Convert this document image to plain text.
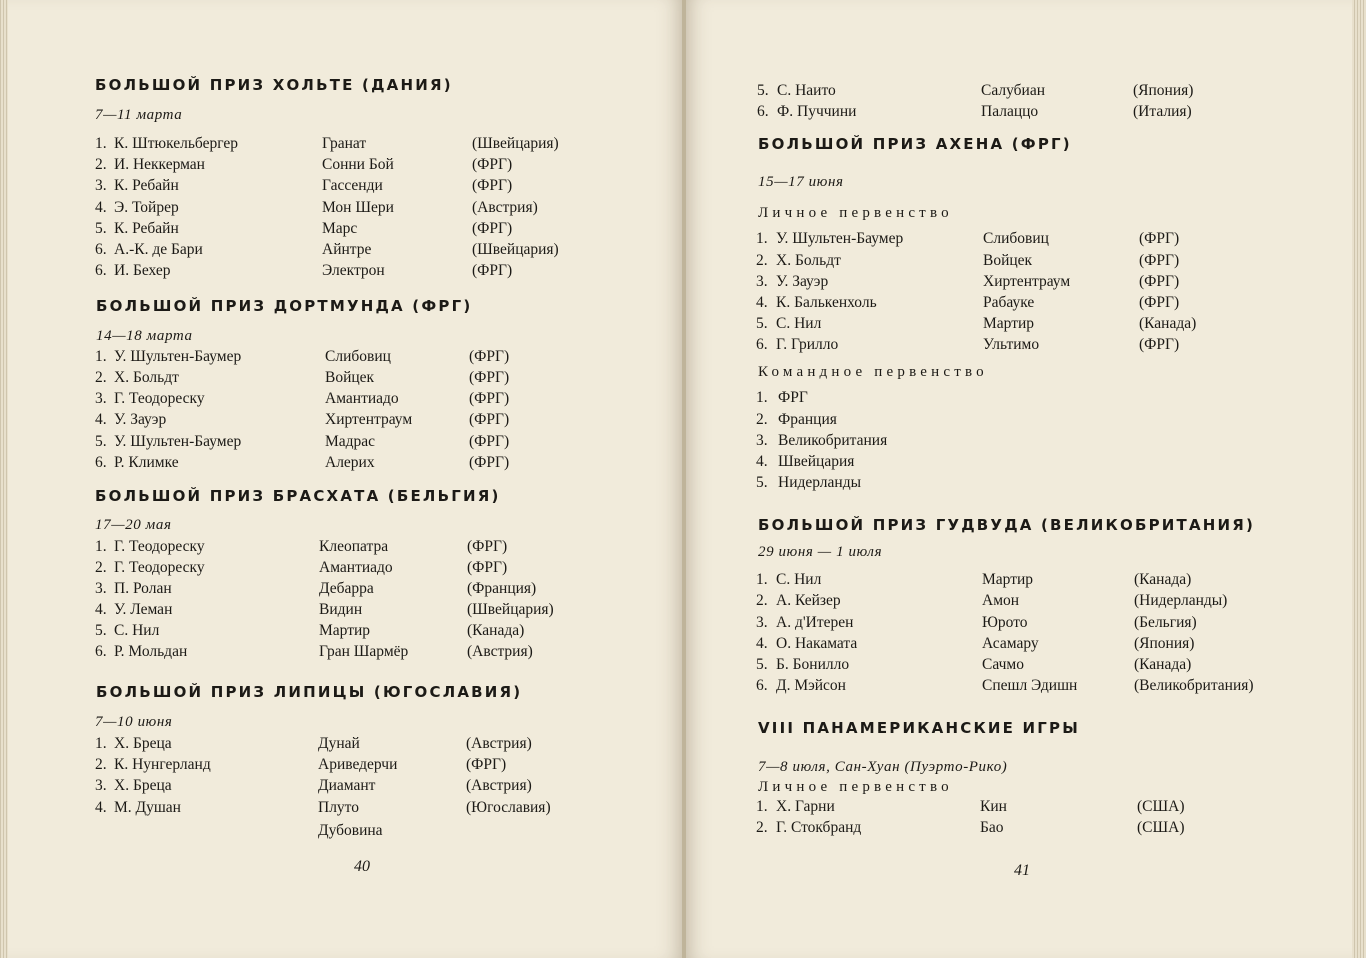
БОЛЬШОЙ ПРИЗ ХОЛЬТЕ (ДАНИЯ)
7—11 марта
1. К. Штюкельбергер	Гранат	(Швейцария)
2. И. Неккерман	Сонни Бой	(ФРГ)
3. К. Ребайн	Гассенди	(ФРГ)
4. Э. Тойрер	Мон Шери	(Австрия)
5. К. Ребайн	Марс	(ФРГ)
6. А.-К. де Бари	Айнтре	(Швейцария)
6. И. Бехер	Электрон	(ФРГ)
БОЛЬШОЙ ПРИЗ ДОРТМУНДА (ФРГ)
14—18 марта
1. У. Шультен-Баумер	Слибовиц	(ФРГ)
2. Х. Больдт	Войцек	(ФРГ)
3. Г. Теодореску	Амантиадо	(ФРГ)
4. У. Зауэр	Хиртентраум	(ФРГ)
5. У. Шультен-Баумер	Мадрас	(ФРГ)
6. Р. Климке	Алерих	(ФРГ)
БОЛЬШОЙ ПРИЗ БРАСХАТА (БЕЛЬГИЯ)
17—20 мая
1. Г. Теодореску	Клеопатра	(ФРГ)
2. Г. Теодореску	Амантиадо	(ФРГ)
3. П. Ролан	Дебарра	(Франция)
4. У. Леман	Видин	(Швейцария)
5. С. Нил	Мартир	(Канада)
6. Р. Мольдан	Гран Шармёр	(Австрия)
БОЛЬШОЙ ПРИЗ ЛИПИЦЫ (ЮГОСЛАВИЯ)
7—10 июня
1. Х. Бреца	Дунай	(Австрия)
2. К. Нунгерланд	Ариведерчи	(ФРГ)
3. Х. Бреца	Диамант	(Австрия)
4. М. Душан	Плуто	(Югославия)
Дубовина
40
5. С. Наито	Салубиан	(Япония)
6. Ф. Пуччини	Палаццо	(Италия)
БОЛЬШОЙ ПРИЗ АХЕНА (ФРГ)
15—17 июня
Личное первенство
1. У. Шультен-Баумер	Слибовиц	(ФРГ)
2. Х. Больдт	Войцек	(ФРГ)
3. У. Зауэр	Хиртентраум	(ФРГ)
4. К. Балькенхоль	Рабауке	(ФРГ)
5. С. Нил	Мартир	(Канада)
6. Г. Грилло	Ультимо	(ФРГ)
Командное первенство
1. ФРГ
2. Франция
3. Великобритания
4. Швейцария
5. Нидерланды
БОЛЬШОЙ ПРИЗ ГУДВУДА (ВЕЛИКОБРИТАНИЯ)
29 июня — 1 июля
1. С. Нил	Мартир	(Канада)
2. А. Кейзер	Амон	(Нидерланды)
3. А. д'Итерен	Юрото	(Бельгия)
4. О. Накамата	Асамару	(Япония)
5. Б. Бонилло	Сачмо	(Канада)
6. Д. Мэйсон	Спешл Эдишн	(Великобритания)
VIII ПАНАМЕРИКАНСКИЕ ИГРЫ
7—8 июля, Сан-Хуан (Пуэрто-Рико)
Личное первенство
1. Х. Гарни	Кин	(США)
2. Г. Стокбранд	Бао	(США)
41
